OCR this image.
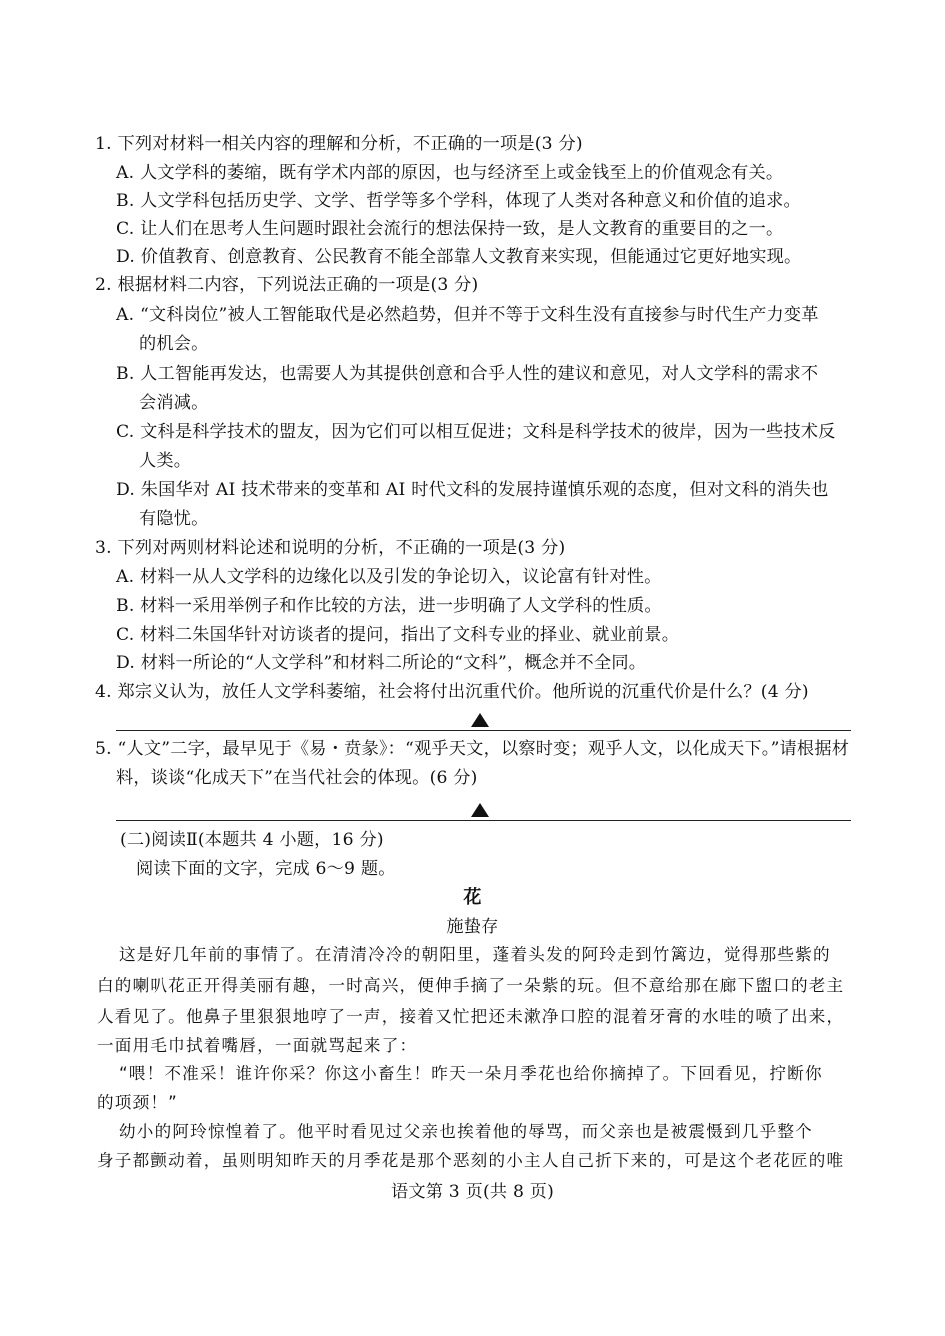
1. 下列对材料一相关内容的理解和分析，不正确的一项是(3 分)
A. 人文学科的萎缩，既有学术内部的原因，也与经济至上或金钱至上的价值观念有关。
B. 人文学科包括历史学、文学、哲学等多个学科，体现了人类对各种意义和价值的追求。
C. 让人们在思考人生问题时跟社会流行的想法保持一致，是人文教育的重要目的之一。
D. 价值教育、创意教育、公民教育不能全部靠人文教育来实现，但能通过它更好地实现。
2. 根据材料二内容，下列说法正确的一项是(3 分)
A. “文科岗位”被人工智能取代是必然趋势，但并不等于文科生没有直接参与时代生产力变革
的机会。
B. 人工智能再发达，也需要人为其提供创意和合乎人性的建议和意见，对人文学科的需求不
会消减。
C. 文科是科学技术的盟友，因为它们可以相互促进；文科是科学技术的彼岸，因为一些技术反
人类。
D. 朱国华对 AI 技术带来的变革和 AI 时代文科的发展持谨慎乐观的态度，但对文科的消失也
有隐忧。
3. 下列对两则材料论述和说明的分析，不正确的一项是(3 分)
A. 材料一从人文学科的边缘化以及引发的争论切入，议论富有针对性。
B. 材料一采用举例子和作比较的方法，进一步明确了人文学科的性质。
C. 材料二朱国华针对访谈者的提问，指出了文科专业的择业、就业前景。
D. 材料一所论的“人文学科”和材料二所论的“文科”，概念并不全同。
4. 郑宗义认为，放任人文学科萎缩，社会将付出沉重代价。他所说的沉重代价是什么？(4 分)
5. “人文”二字，最早见于《易・贲彖》：“观乎天文，以察时变；观乎人文，以化成天下。”请根据材
料，谈谈“化成天下”在当代社会的体现。(6 分)
(二)阅读Ⅱ(本题共 4 小题，16 分)
阅读下面的文字，完成 6～9 题。
花
施蛰存
这是好几年前的事情了。在清清冷冷的朝阳里，蓬着头发的阿玲走到竹篱边，觉得那些紫的
白的喇叭花正开得美丽有趣，一时高兴，便伸手摘了一朵紫的玩。但不意给那在廊下盥口的老主
人看见了。他鼻子里狠狠地哼了一声，接着又忙把还未漱净口腔的混着牙膏的水哇的喷了出来，
一面用毛巾拭着嘴唇，一面就骂起来了：
“喂！不准采！谁许你采？你这小畜生！昨天一朵月季花也给你摘掉了。下回看见，拧断你
的项颈！”
幼小的阿玲惊惶着了。他平时看见过父亲也挨着他的辱骂，而父亲也是被震慑到几乎整个
身子都颤动着，虽则明知昨天的月季花是那个恶刻的小主人自己折下来的，可是这个老花匠的唯
语文第 3 页(共 8 页)
